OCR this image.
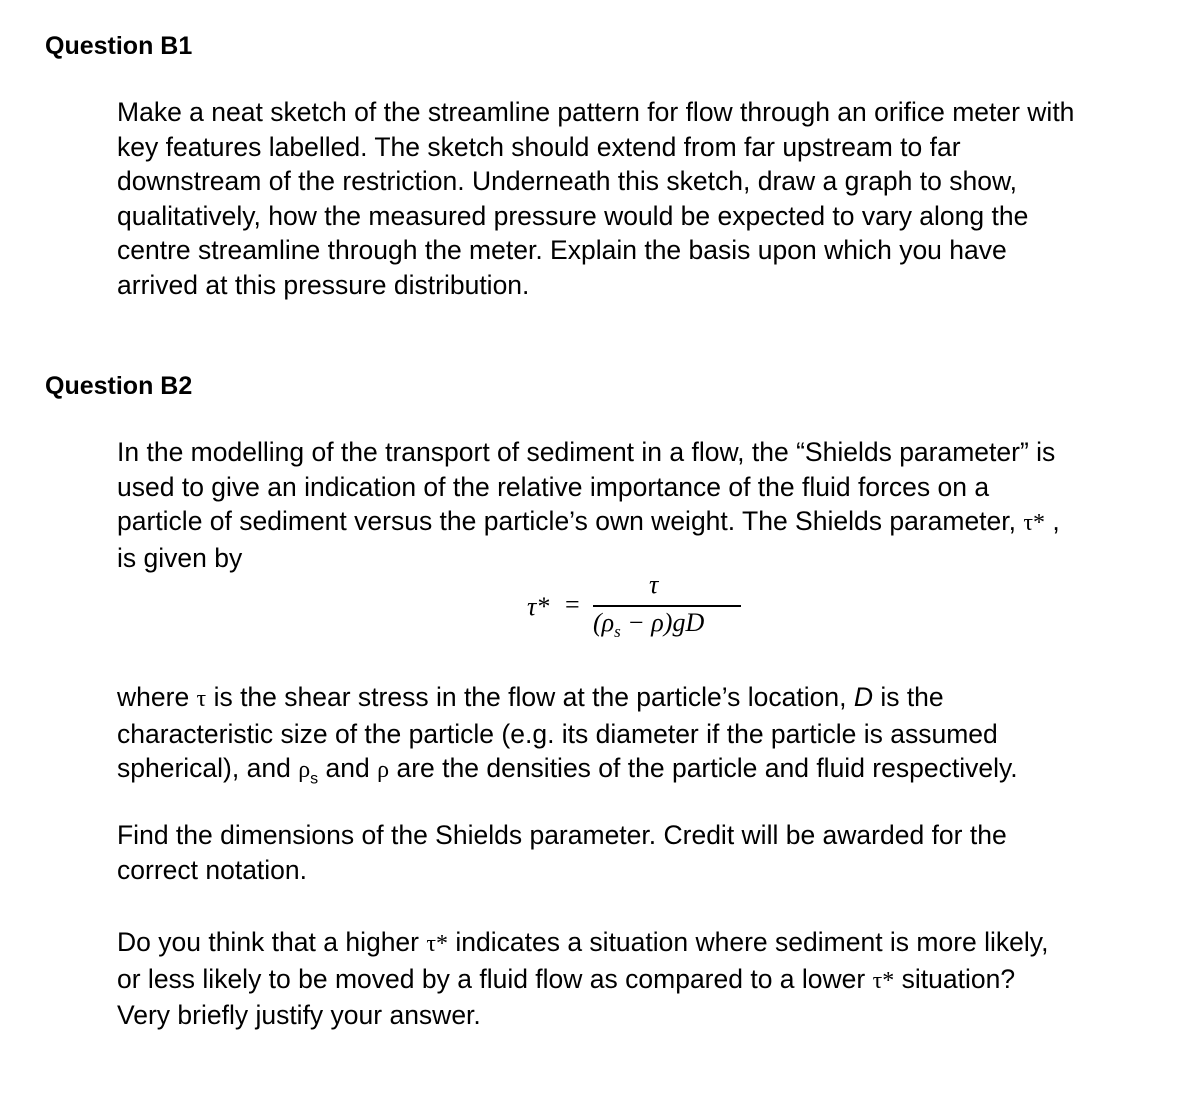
Question B1
Make a neat sketch of the streamline pattern for flow through an orifice meter with
key features labelled. The sketch should extend from far upstream to far
downstream of the restriction. Underneath this sketch, draw a graph to show,
qualitatively, how the measured pressure would be expected to vary along the
centre streamline through the meter. Explain the basis upon which you have
arrived at this pressure distribution.
Question B2
In the modelling of the transport of sediment in a flow, the “Shields parameter” is
used to give an indication of the relative importance of the fluid forces on a
particle of sediment versus the particle’s own weight. The Shields parameter, τ* ,
is given by
τ* =
τ
$(\rho_s - \rho)gD$
where τ is the shear stress in the flow at the particle’s location, D is the
characteristic size of the particle (e.g. its diameter if the particle is assumed
spherical), and $\rho_s$ and ρ are the densities of the particle and fluid respectively.
Find the dimensions of the Shields parameter. Credit will be awarded for the
correct notation.
Do you think that a higher τ* indicates a situation where sediment is more likely,
or less likely to be moved by a fluid flow as compared to a lower τ* situation?
Very briefly justify your answer.
